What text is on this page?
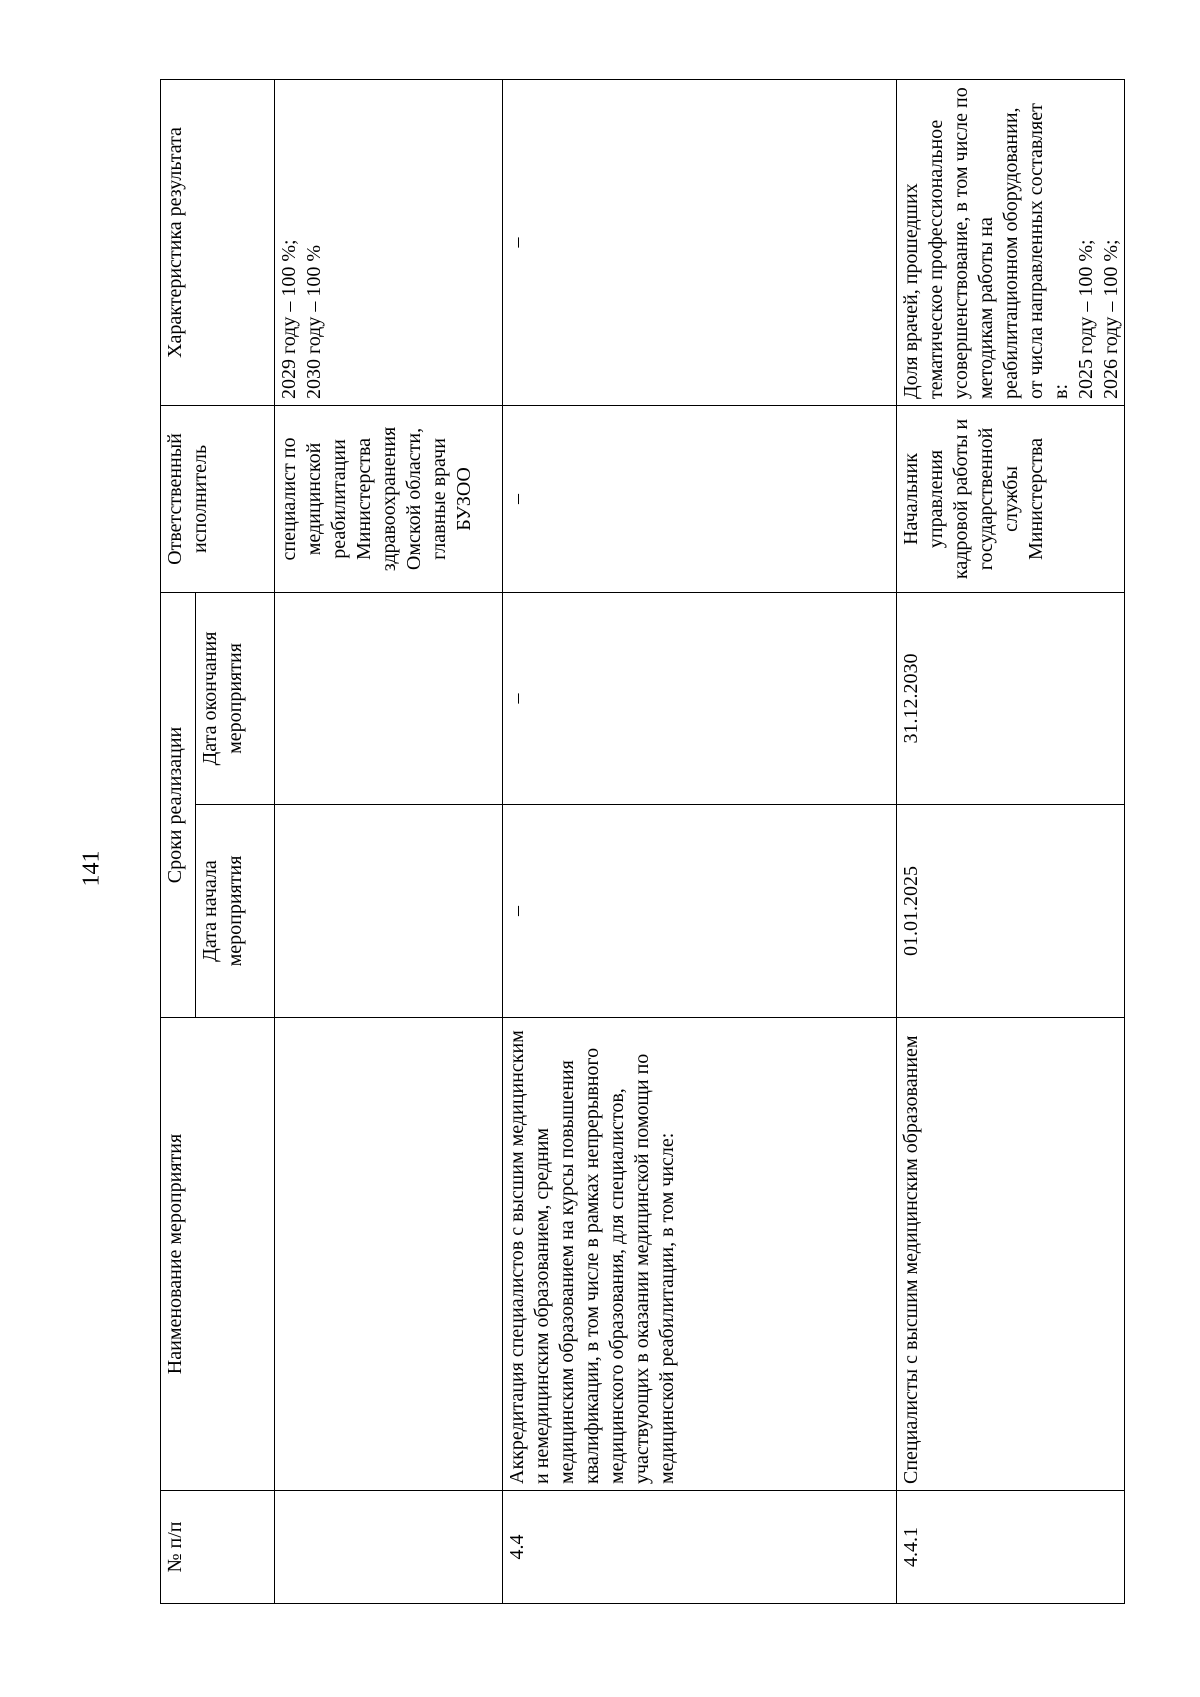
141
№ п/п	Наименование мероприятия	Сроки реализации		Ответственный исполнитель	Характеристика результата
		Дата начала мероприятия	Дата окончания мероприятия		
				специалист по медицинской реабилитации Министерства здравоохранения Омской области, главные врачи БУЗОО	2029 году – 100 %; 2030 году – 100 %

4.4	Аккредитация специалистов с высшим медицинским и немедицинским образованием, средним медицинским образованием на курсы повышения квалификации, в том числе в рамках непрерывного медицинского образования, для специалистов, участвующих в оказании медицинской помощи по медицинской реабилитации, в том числе:	–	–	–	–

4.4.1	Специалисты с высшим медицинским образованием	01.01.2025	31.12.2030	Начальник управления кадровой работы и государственной службы Министерства	Доля врачей, прошедших тематическое профессиональное усовершенствование, в том числе по методикам работы на реабилитационном оборудовании, от числа направленных составляет в: 2025 году – 100 %; 2026 году – 100 %;
